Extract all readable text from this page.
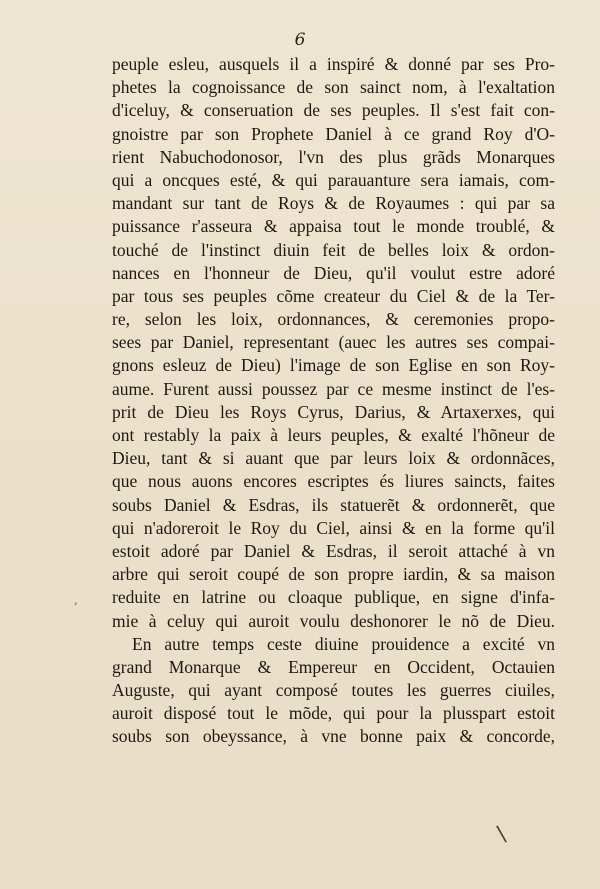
6
,
peuple esleu, ausquels il a inspiré & donné par ses Pro-
phetes la cognoissance de son sainct nom, à l'exaltation
d'iceluy, & conseruation de ses peuples. Il s'est fait con-
gnoistre par son Prophete Daniel à ce grand Roy d'O-
rient Nabuchodonosor, l'vn des plus grãds Monarques
qui a oncques esté, & qui parauanture sera iamais, com-
mandant sur tant de Roys & de Royaumes : qui par sa
puissance r'asseura & appaisa tout le monde troublé, &
touché de l'instinct diuin feit de belles loix & ordon-
nances en l'honneur de Dieu, qu'il voulut estre adoré
par tous ses peuples cõme createur du Ciel & de la Ter-
re, selon les loix, ordonnances, & ceremonies propo-
sees par Daniel, representant (auec les autres ses compai-
gnons esleuz de Dieu) l'image de son Eglise en son Roy-
aume. Furent aussi poussez par ce mesme instinct de l'es-
prit de Dieu les Roys Cyrus, Darius, & Artaxerxes, qui
ont restably la paix à leurs peuples, & exalté l'hõneur de
Dieu, tant & si auant que par leurs loix & ordonnãces,
que nous auons encores escriptes és liures saincts, faites
soubs Daniel & Esdras, ils statuerẽt & ordonnerẽt, que
qui n'adoreroit le Roy du Ciel, ainsi & en la forme qu'il
estoit adoré par Daniel & Esdras, il seroit attaché à vn
arbre qui seroit coupé de son propre iardin, & sa maison
reduite en latrine ou cloaque publique, en signe d'infa-
mie à celuy qui auroit voulu deshonorer le nõ de Dieu.
En autre temps ceste diuine prouidence a excité vn
grand Monarque & Empereur en Occident, Octauien
Auguste, qui ayant composé toutes les guerres ciuiles,
auroit disposé tout le mõde, qui pour la plusspart estoit
soubs son obeyssance, à vne bonne paix & concorde,
\
